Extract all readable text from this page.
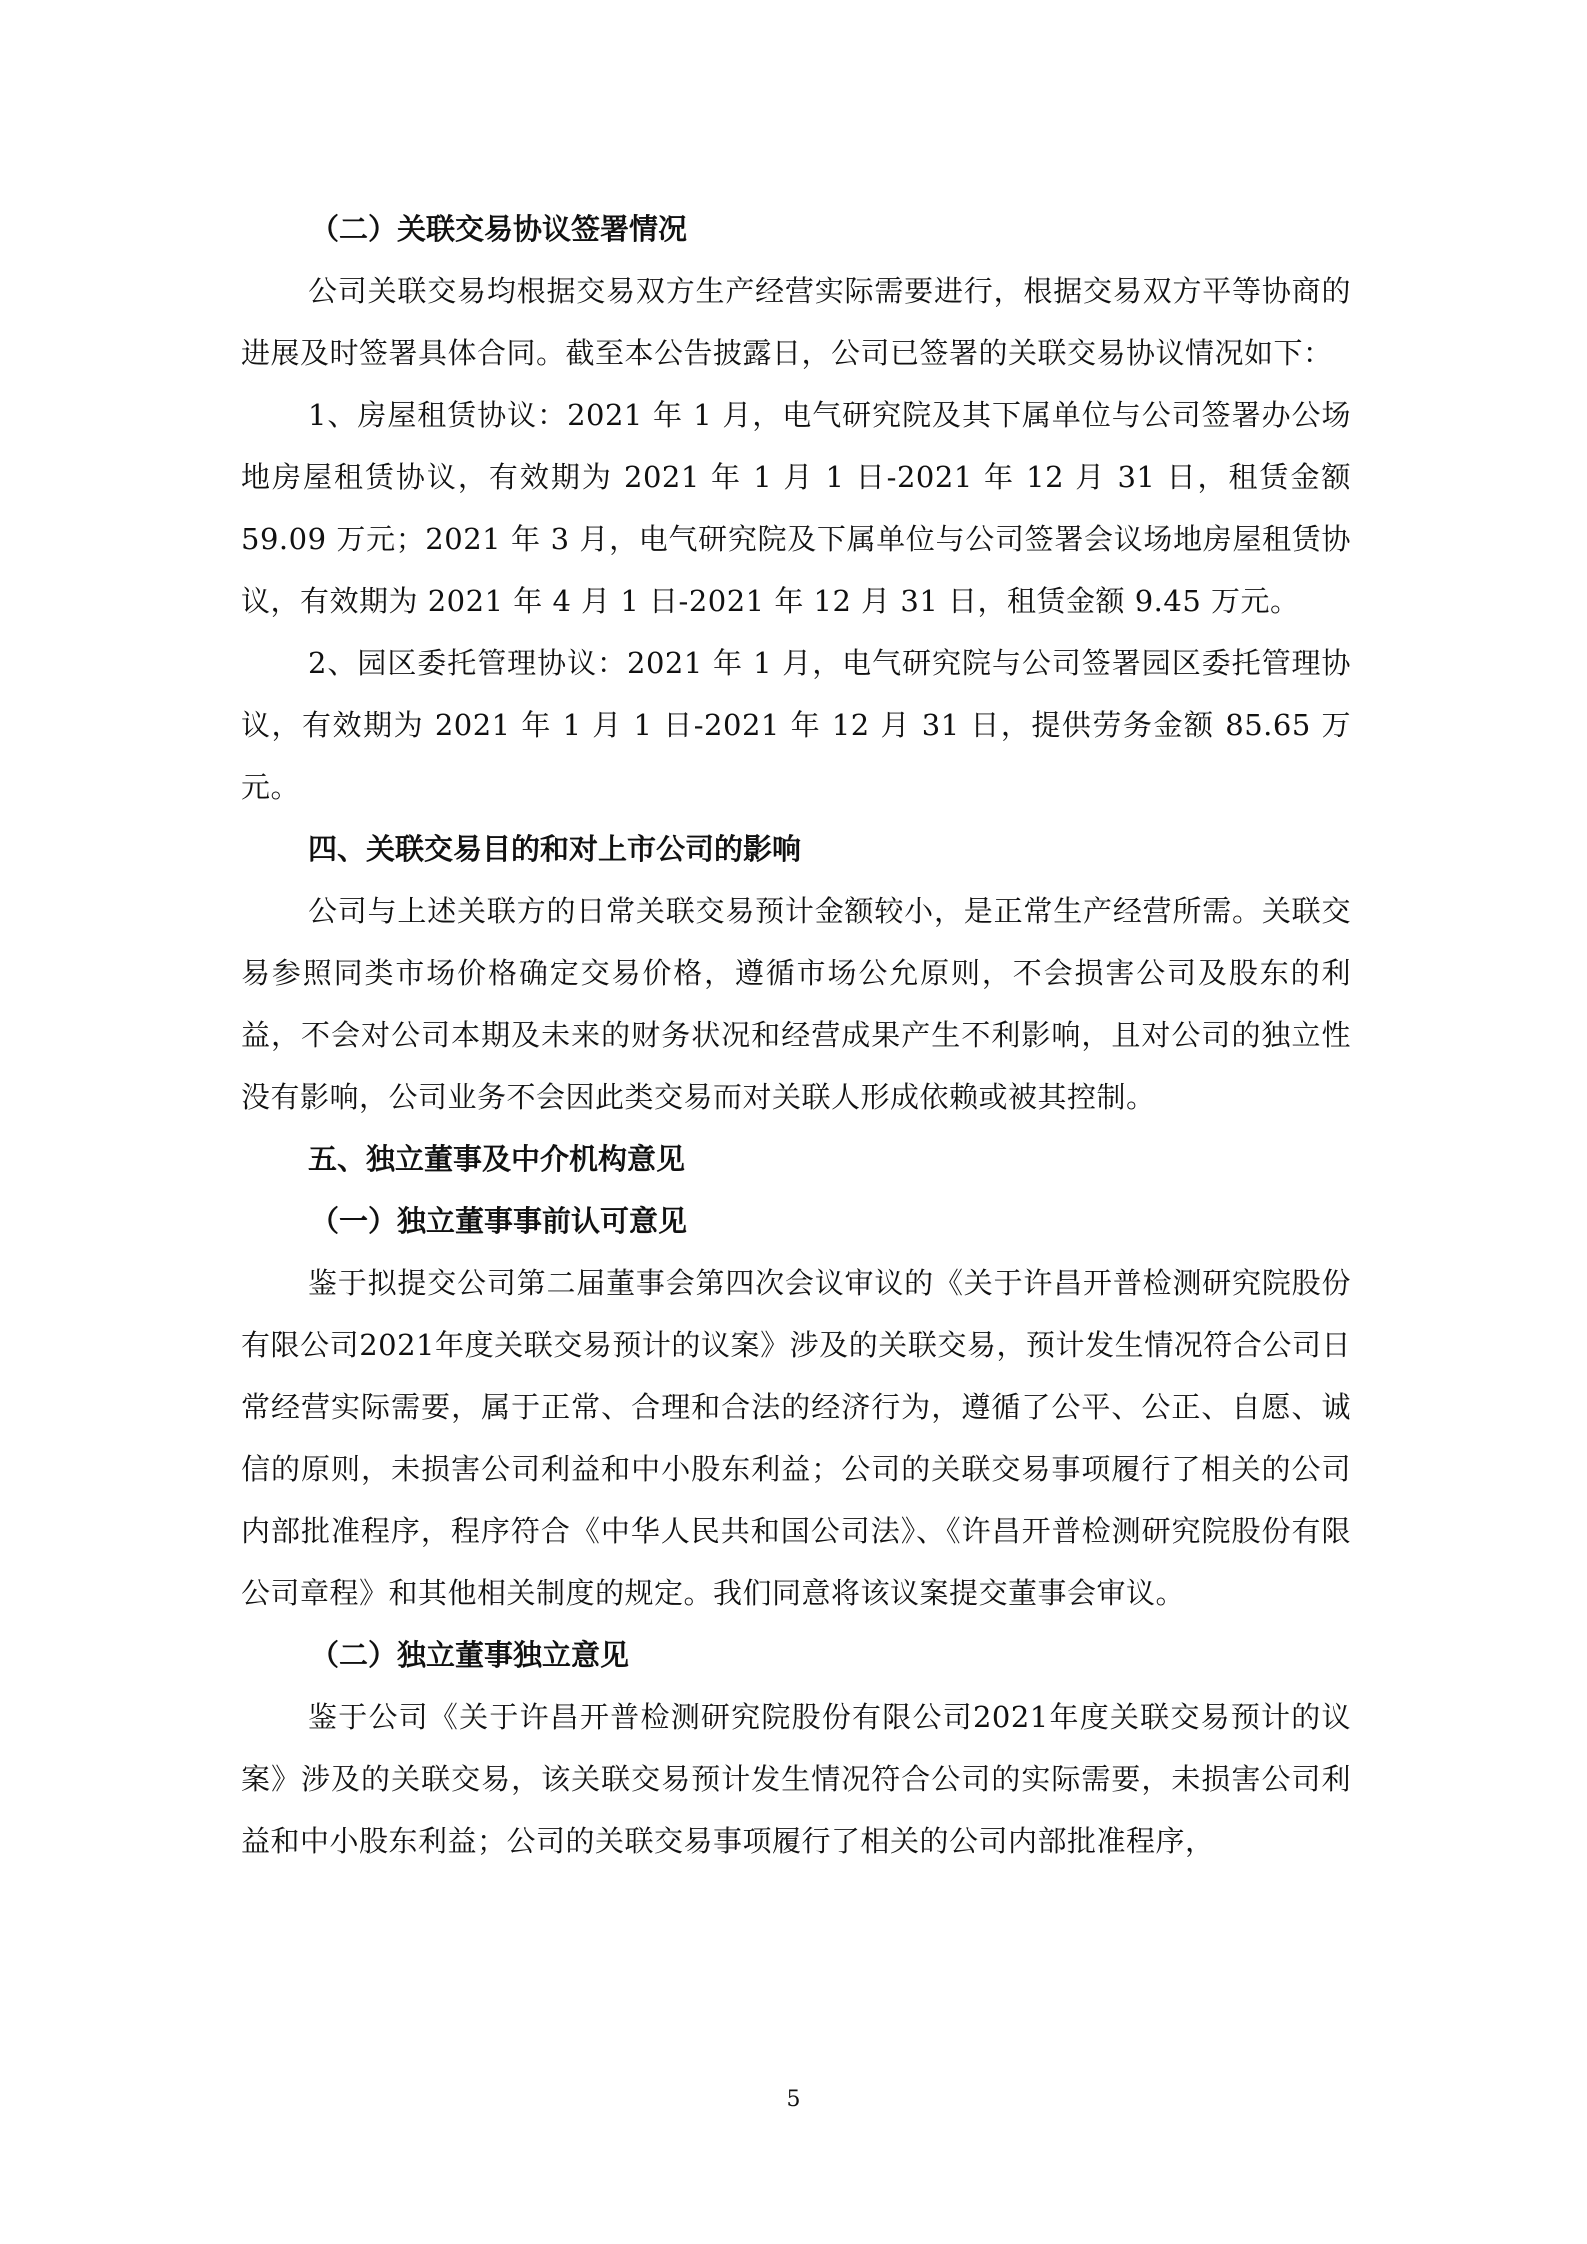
（二）关联交易协议签署情况

公司关联交易均根据交易双方生产经营实际需要进行，根据交易双方平等协商的进展及时签署具体合同。截至本公告披露日，公司已签署的关联交易协议情况如下：

1、房屋租赁协议：2021 年 1 月，电气研究院及其下属单位与公司签署办公场地房屋租赁协议，有效期为 2021 年 1 月 1 日-2021 年 12 月 31 日，租赁金额59.09 万元；2021 年 3 月，电气研究院及下属单位与公司签署会议场地房屋租赁协议，有效期为 2021 年 4 月 1 日-2021 年 12 月 31 日，租赁金额 9.45 万元。

2、园区委托管理协议：2021 年 1 月，电气研究院与公司签署园区委托管理协议，有效期为 2021 年 1 月 1 日-2021 年 12 月 31 日，提供劳务金额 85.65 万元。

四、关联交易目的和对上市公司的影响

公司与上述关联方的日常关联交易预计金额较小，是正常生产经营所需。关联交易参照同类市场价格确定交易价格，遵循市场公允原则，不会损害公司及股东的利益，不会对公司本期及未来的财务状况和经营成果产生不利影响，且对公司的独立性没有影响，公司业务不会因此类交易而对关联人形成依赖或被其控制。

五、独立董事及中介机构意见

（一）独立董事事前认可意见

鉴于拟提交公司第二届董事会第四次会议审议的《关于许昌开普检测研究院股份有限公司2021年度关联交易预计的议案》涉及的关联交易，预计发生情况符合公司日常经营实际需要，属于正常、合理和合法的经济行为，遵循了公平、公正、自愿、诚信的原则，未损害公司利益和中小股东利益；公司的关联交易事项履行了相关的公司内部批准程序，程序符合《中华人民共和国公司法》、《许昌开普检测研究院股份有限公司章程》和其他相关制度的规定。我们同意将该议案提交董事会审议。

（二）独立董事独立意见

鉴于公司《关于许昌开普检测研究院股份有限公司2021年度关联交易预计的议案》涉及的关联交易，该关联交易预计发生情况符合公司的实际需要，未损害公司利益和中小股东利益；公司的关联交易事项履行了相关的公司内部批准程序，

5
